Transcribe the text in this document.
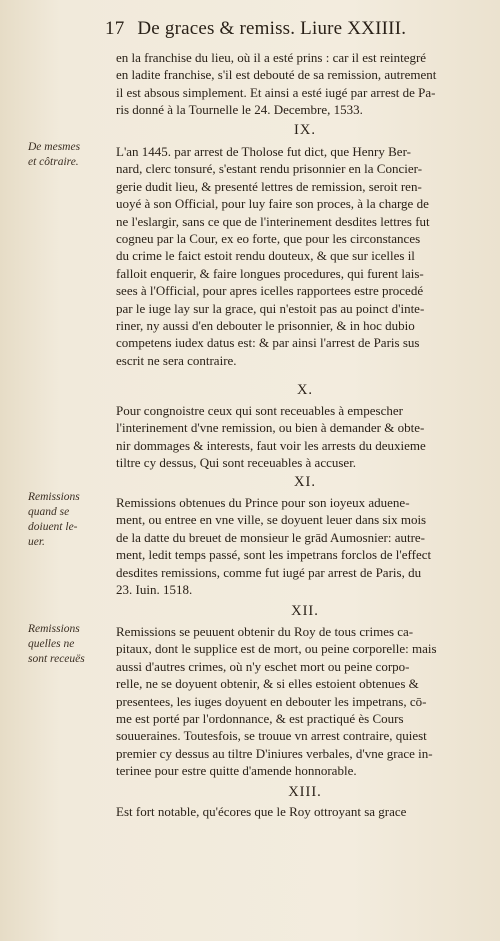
17 De graces & remiss. Liure XXIIII.
en la franchise du lieu, où il a esté prins : car il est reintegré
en ladite franchise, s'il est debouté de sa remission, autrement
il est absous simplement. Et ainsi a esté iugé par arrest de Pa-
ris donné à la Tournelle le 24. Decembre, 1533.
IX.
De mesmes
et côtraire.
L'an 1445. par arrest de Tholose fut dict, que Henry Ber-
nard, clerc tonsuré, s'estant rendu prisonnier en la Concier-
gerie dudit lieu, & presenté lettres de remission, seroit ren-
uoyé à son Official, pour luy faire son proces, à la charge de
ne l'eslargir, sans ce que de l'interinement desdites lettres fut
cogneu par la Cour, ex eo forte, que pour les circonstances
du crime le faict estoit rendu douteux, & que sur icelles il
falloit enquerir, & faire longues procedures, qui furent lais-
sees à l'Official, pour apres icelles rapportees estre procedé
par le iuge lay sur la grace, qui n'estoit pas au poinct d'inte-
riner, ny aussi d'en debouter le prisonnier, & in hoc dubio
competens iudex datus est: & par ainsi l'arrest de Paris sus
escrit ne sera contraire.
X.
Pour congnoistre ceux qui sont receuables à empescher
l'interinement d'vne remission, ou bien à demander & obte-
nir dommages & interests, faut voir les arrests du deuxieme
tiltre cy dessus, Qui sont receuables à accuser.
XI.
Remissions
quand se
doiuent le-
uer.
Remissions obtenues du Prince pour son ioyeux aduene-
ment, ou entree en vne ville, se doyuent leuer dans six mois
de la datte du breuet de monsieur le grād Aumosnier: autre-
ment, ledit temps passé, sont les impetrans forclos de l'effect
desdites remissions, comme fut iugé par arrest de Paris, du
23. Iuin. 1518.
XII.
Remissions
quelles ne
sont receuës
Remissions se peuuent obtenir du Roy de tous crimes ca-
pitaux, dont le supplice est de mort, ou peine corporelle: mais
aussi d'autres crimes, où n'y eschet mort ou peine corpo-
relle, ne se doyuent obtenir, & si elles estoient obtenues &
presentees, les iuges doyuent en debouter les impetrans, cō-
me est porté par l'ordonnance, & est practiqué ès Cours
souueraines. Toutesfois, se trouue vn arrest contraire, quiest
premier cy dessus au tiltre D'iniures verbales, d'vne grace in-
terinee pour estre quitte d'amende honnorable.
XIII.
Est fort notable, qu'écores que le Roy ottroyant sa grace
